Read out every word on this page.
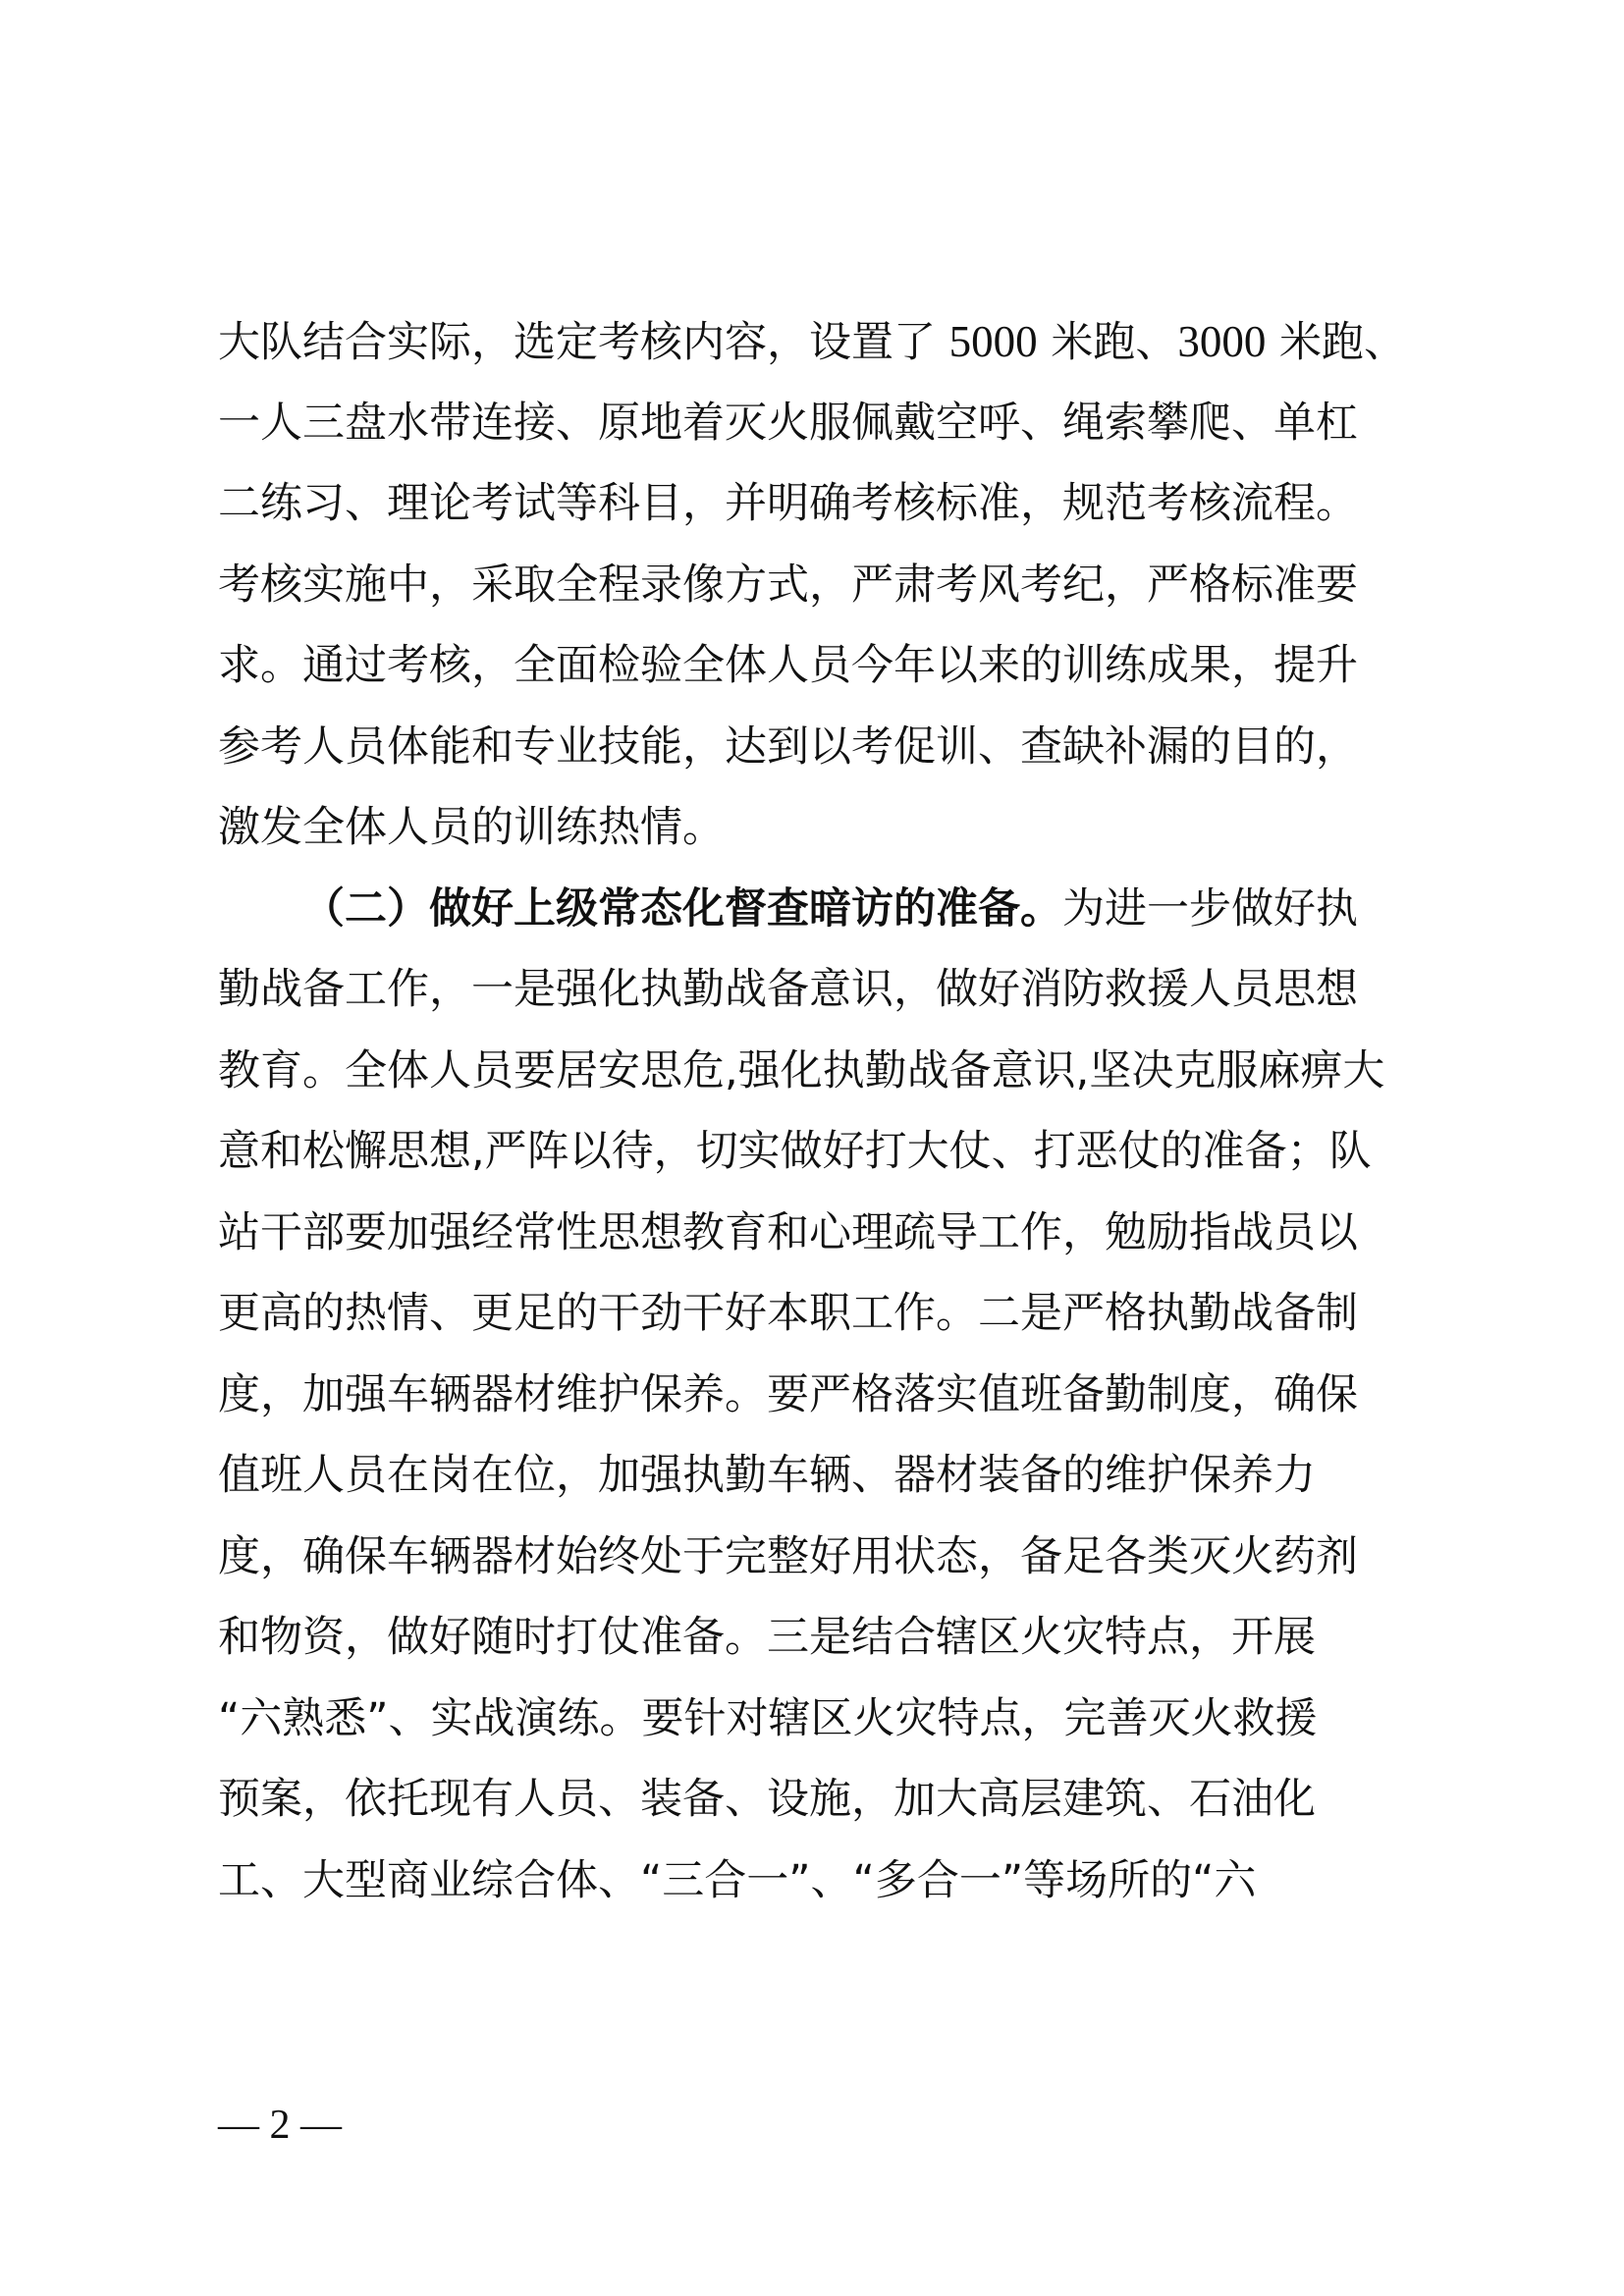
大队结合实际，选定考核内容，设置了 5000 米跑、3000 米跑、
一人三盘水带连接、原地着灭火服佩戴空呼、绳索攀爬、单杠
二练习、理论考试等科目，并明确考核标准，规范考核流程。
考核实施中，采取全程录像方式，严肃考风考纪，严格标准要
求。通过考核，全面检验全体人员今年以来的训练成果，提升
参考人员体能和专业技能，达到以考促训、查缺补漏的目的，
激发全体人员的训练热情。
（二）做好上级常态化督查暗访的准备。为进一步做好执
勤战备工作，一是强化执勤战备意识，做好消防救援人员思想
教育。全体人员要居安思危,强化执勤战备意识,坚决克服麻痹大
意和松懈思想,严阵以待，切实做好打大仗、打恶仗的准备；队
站干部要加强经常性思想教育和心理疏导工作，勉励指战员以
更高的热情、更足的干劲干好本职工作。二是严格执勤战备制
度，加强车辆器材维护保养。要严格落实值班备勤制度，确保
值班人员在岗在位，加强执勤车辆、器材装备的维护保养力
度，确保车辆器材始终处于完整好用状态，备足各类灭火药剂
和物资，做好随时打仗准备。三是结合辖区火灾特点，开展
“六熟悉”、实战演练。要针对辖区火灾特点，完善灭火救援
预案，依托现有人员、装备、设施，加大高层建筑、石油化
工、大型商业综合体、“三合一”、“多合一”等场所的“六
— 2 —
